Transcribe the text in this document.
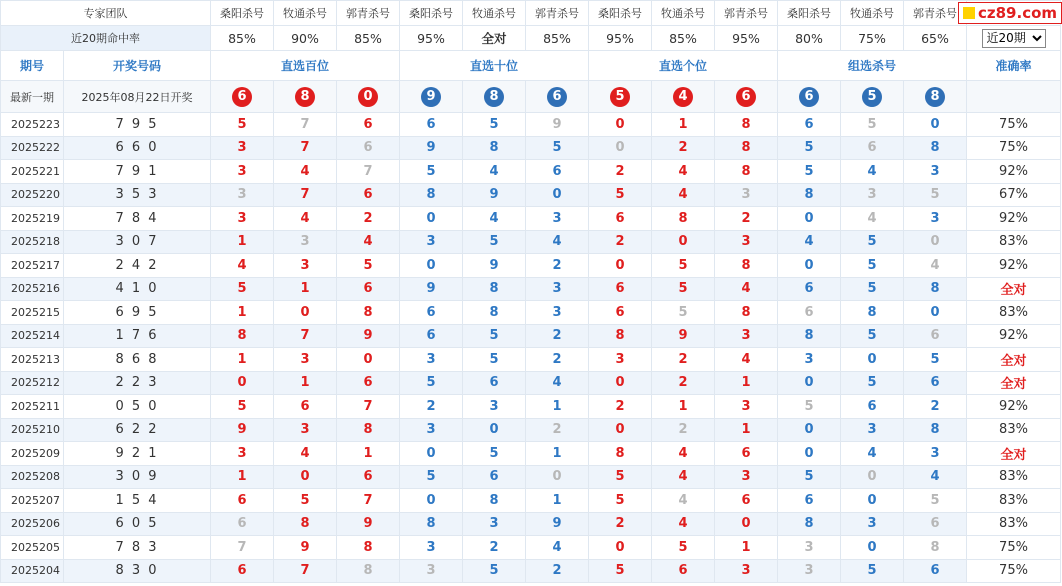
专家团队		桑阳杀号	牧通杀号	郭青杀号	桑阳杀号	牧通杀号	郭青杀号	桑阳杀号	牧通杀号	郭青杀号	桑阳杀号	牧通杀号	郭青杀号	
近20期命中率		85%	90%	85%	95%	全对	85%	95%	85%	95%	80%	75%	65%	
近20期
期号	开奖号码	直选百位			直选十位			直选个位			组选杀号			准确率
最新一期	2025年08月22日开奖	6	8	0	9	8	6	5	4	6	6	5	8	
2025223	7 9 5	5	7	6	6	5	9	0	1	8	6	5	0	75%
2025222	6 6 0	3	7	6	9	8	5	0	2	8	5	6	8	75%
2025221	7 9 1	3	4	7	5	4	6	2	4	8	5	4	3	92%
2025220	3 5 3	3	7	6	8	9	0	5	4	3	8	3	5	67%
2025219	7 8 4	3	4	2	0	4	3	6	8	2	0	4	3	92%
2025218	3 0 7	1	3	4	3	5	4	2	0	3	4	5	0	83%
2025217	2 4 2	4	3	5	0	9	2	0	5	8	0	5	4	92%
2025216	4 1 0	5	1	6	9	8	3	6	5	4	6	5	8	全对
2025215	6 9 5	1	0	8	6	8	3	6	5	8	6	8	0	83%
2025214	1 7 6	8	7	9	6	5	2	8	9	3	8	5	6	92%
2025213	8 6 8	1	3	0	3	5	2	3	2	4	3	0	5	全对
2025212	2 2 3	0	1	6	5	6	4	0	2	1	0	5	6	全对
2025211	0 5 0	5	6	7	2	3	1	2	1	3	5	6	2	92%
2025210	6 2 2	9	3	8	3	0	2	0	2	1	0	3	8	83%
2025209	9 2 1	3	4	1	0	5	1	8	4	6	0	4	3	全对
2025208	3 0 9	1	0	6	5	6	0	5	4	3	5	0	4	83%
2025207	1 5 4	6	5	7	0	8	1	5	4	6	6	0	5	83%
2025206	6 0 5	6	8	9	8	3	9	2	4	0	8	3	6	83%
2025205	7 8 3	7	9	8	3	2	4	0	5	1	3	0	8	75%
2025204	8 3 0	6	7	8	3	5	2	5	6	3	3	5	6	75%
cz89.com
